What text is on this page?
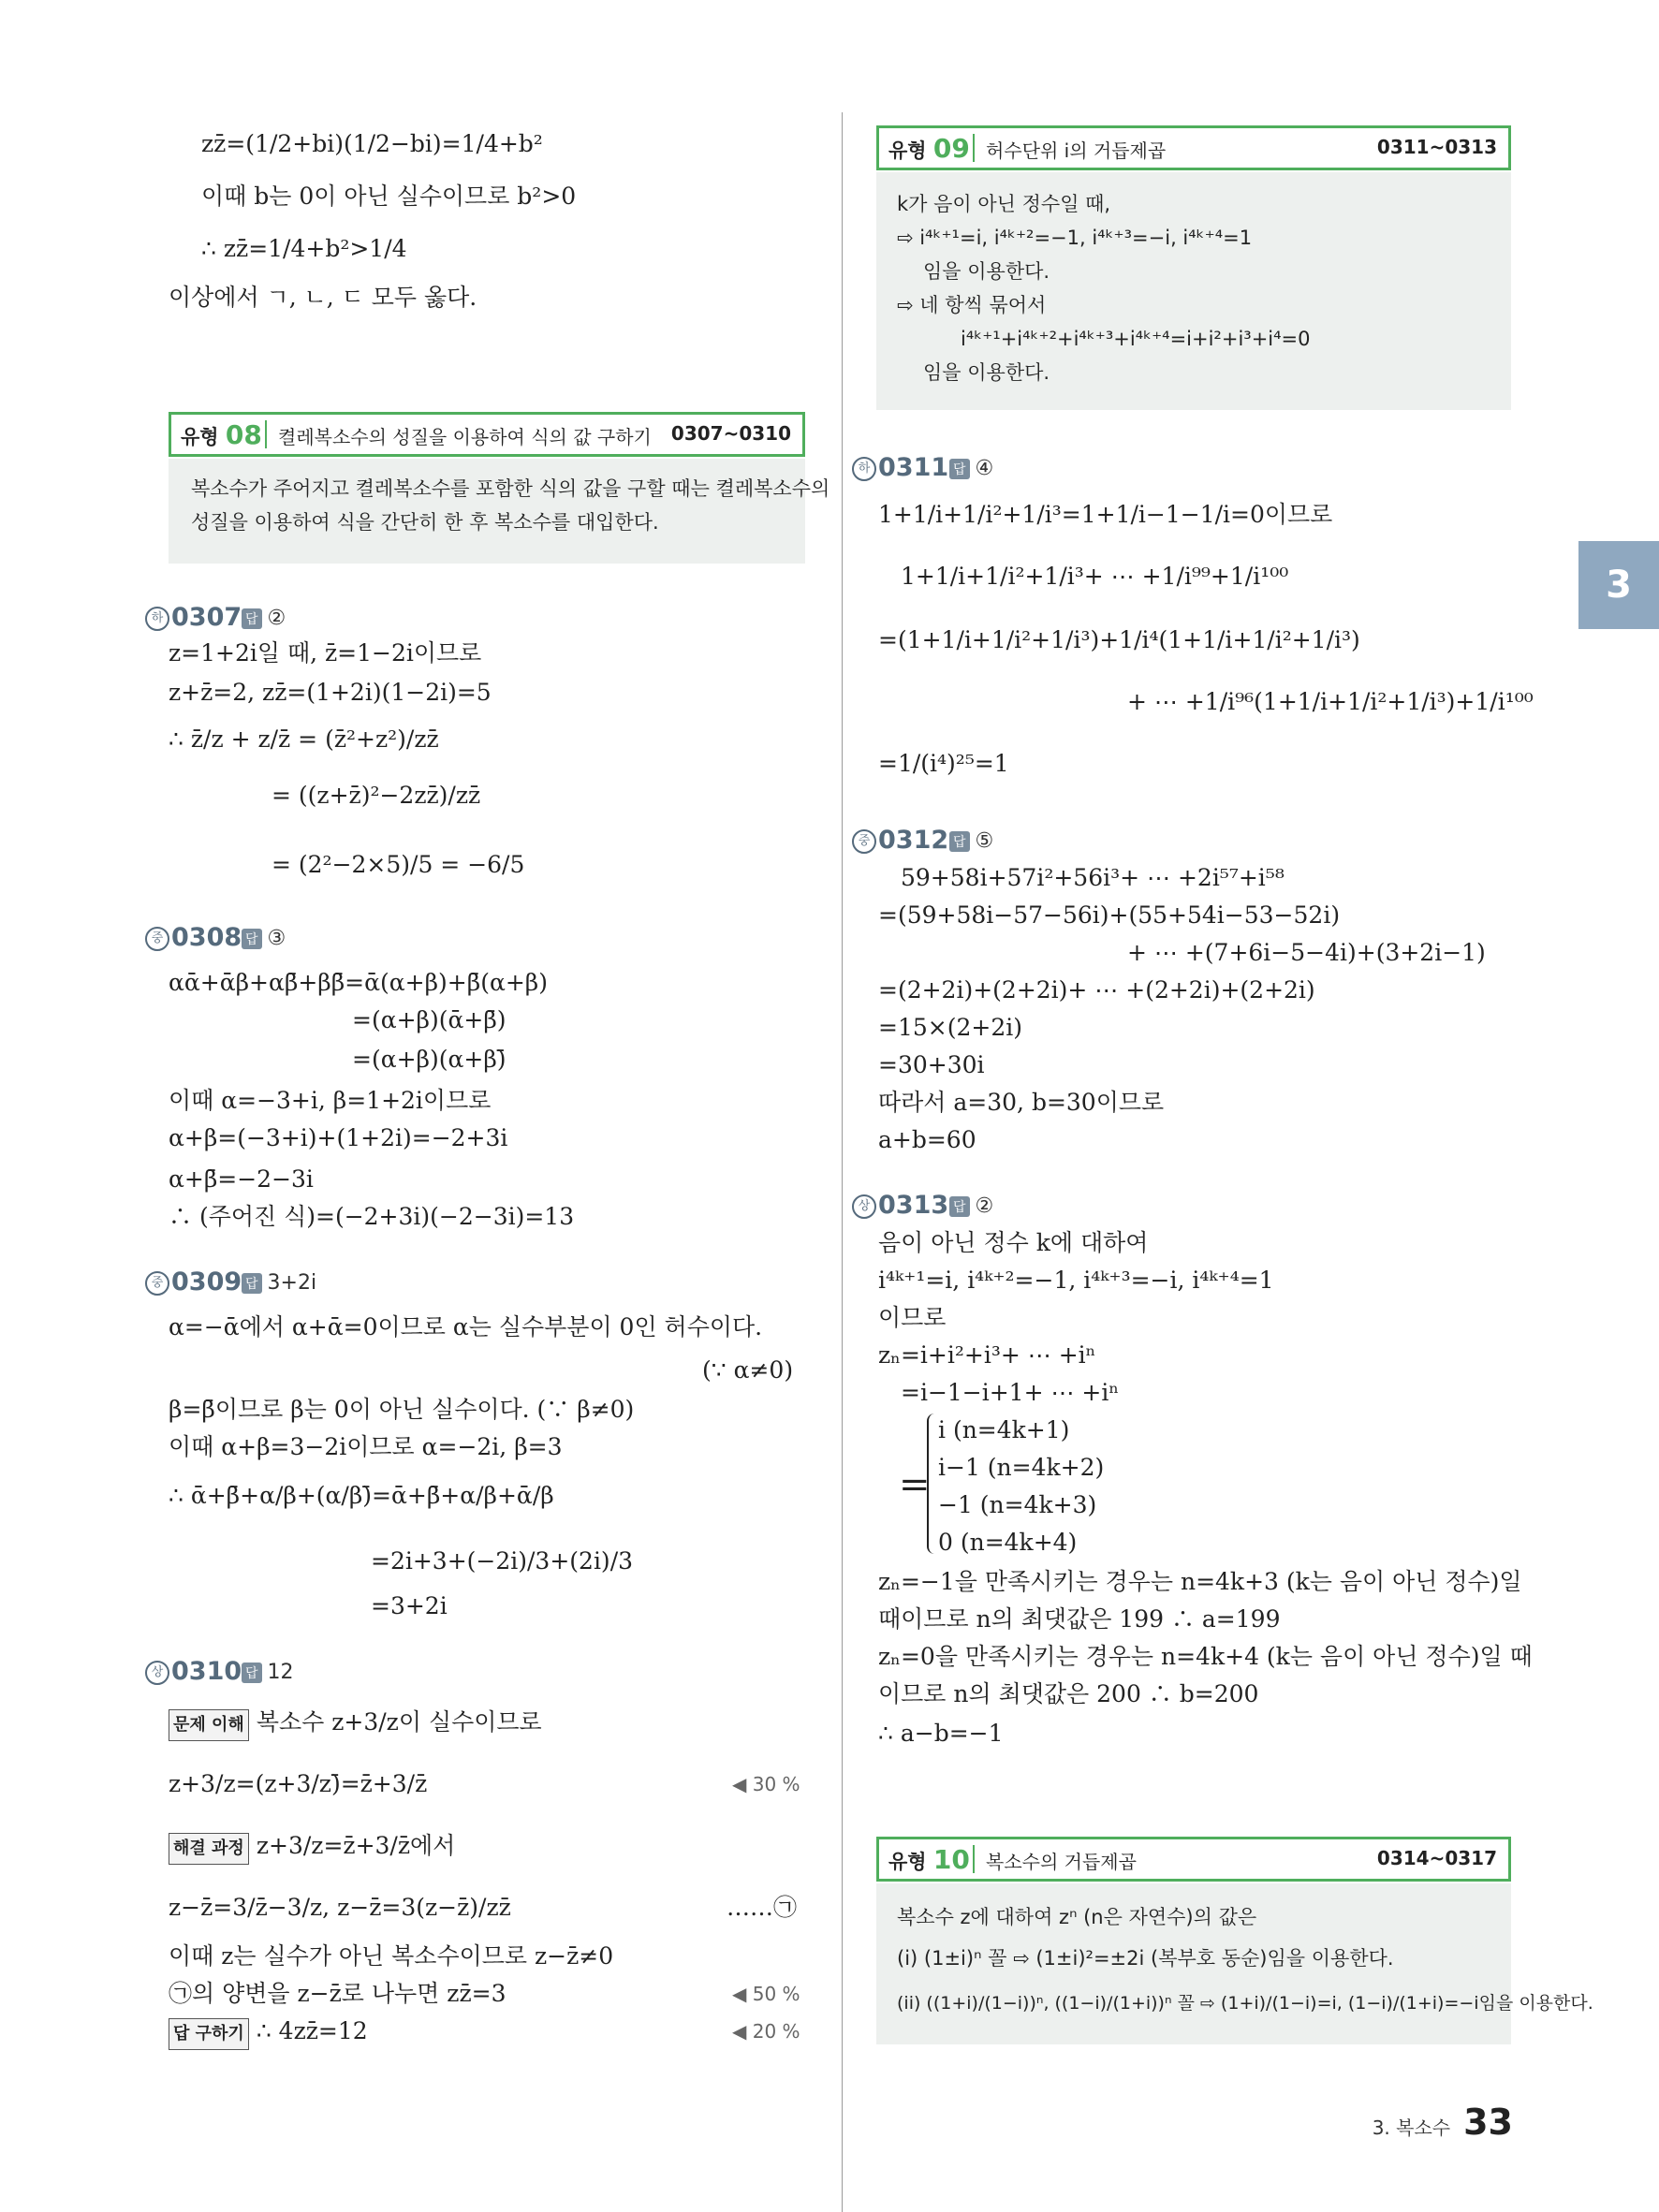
zz̄=(1/2+bi)(1/2−bi)=1/4+b²
이때 b는 0이 아닌 실수이므로 b²>0
∴ zz̄=1/4+b²>1/4
이상에서 ㄱ, ㄴ, ㄷ 모두 옳다.
유형 08 켤레복소수의 성질을 이용하여 식의 값 구하기 0307~0310
복소수가 주어지고 켤레복소수를 포함한 식의 값을 구할 때는 켤레복소수의
성질을 이용하여 식을 간단히 한 후 복소수를 대입한다.
하 0307 답 ②
z=1+2i일 때, z̄=1−2i이므로
z+z̄=2, zz̄=(1+2i)(1−2i)=5
∴ z̄/z + z/z̄ = (z̄²+z²)/zz̄
= ((z+z̄)²−2zz̄)/zz̄
= (2²−2×5)/5 = −6/5
중 0308 답 ③
αᾱ+ᾱβ+αβ̄+ββ̄=ᾱ(α+β)+β̄(α+β)
=(α+β)(ᾱ+β̄)
=(α+β)(α+β)̄
이때 α=−3+i, β=1+2i이므로
α+β=(−3+i)+(1+2i)=−2+3i
α+β̄=−2−3i
∴ (주어진 식)=(−2+3i)(−2−3i)=13
중 0309 답 3+2i
α=−ᾱ에서 α+ᾱ=0이므로 α는 실수부분이 0인 허수이다.
(∵ α≠0)
β=β̄이므로 β는 0이 아닌 실수이다. (∵ β≠0)
이때 α+β=3−2i이므로 α=−2i, β=3
∴ ᾱ+β̄+α/β+(α/β)̄=ᾱ+β̄+α/β+ᾱ/β
=2i+3+(−2i)/3+(2i)/3
=3+2i
상 0310 답 12
문제 이해 복소수 z+3/z이 실수이므로
z+3/z=(z+3/z)̄=z̄+3/z̄	◀ 30 %
해결 과정 z+3/z=z̄+3/z̄에서
z−z̄=3/z̄−3/z, z−z̄=3(z−z̄)/zz̄	……㉠
이때 z는 실수가 아닌 복소수이므로 z−z̄≠0
㉠의 양변을 z−z̄로 나누면 zz̄=3	◀ 50 %
답 구하기 ∴ 4zz̄=12	◀ 20 %
유형 09 허수단위 i의 거듭제곱	0311~0313
k가 음이 아닌 정수일 때,
⇨ i⁴ᵏ⁺¹=i, i⁴ᵏ⁺²=−1, i⁴ᵏ⁺³=−i, i⁴ᵏ⁺⁴=1
임을 이용한다.
⇨ 네 항씩 묶어서
i⁴ᵏ⁺¹+i⁴ᵏ⁺²+i⁴ᵏ⁺³+i⁴ᵏ⁺⁴=i+i²+i³+i⁴=0
임을 이용한다.
하 0311 답 ④
1+1/i+1/i²+1/i³=1+1/i−1−1/i=0이므로
1+1/i+1/i²+1/i³+ ⋯ +1/i⁹⁹+1/i¹⁰⁰
=(1+1/i+1/i²+1/i³)+1/i⁴(1+1/i+1/i²+1/i³)
+ ⋯ +1/i⁹⁶(1+1/i+1/i²+1/i³)+1/i¹⁰⁰
=1/(i⁴)²⁵=1
중 0312 답 ⑤
59+58i+57i²+56i³+ ⋯ +2i⁵⁷+i⁵⁸
=(59+58i−57−56i)+(55+54i−53−52i)
+ ⋯ +(7+6i−5−4i)+(3+2i−1)
=(2+2i)+(2+2i)+ ⋯ +(2+2i)+(2+2i)
=15×(2+2i)
=30+30i
따라서 a=30, b=30이므로
a+b=60
상 0313 답 ②
음이 아닌 정수 k에 대하여
i⁴ᵏ⁺¹=i, i⁴ᵏ⁺²=−1, i⁴ᵏ⁺³=−i, i⁴ᵏ⁺⁴=1
이므로
zₙ=i+i²+i³+ ⋯ +iⁿ
=i−1−i+1+ ⋯ +iⁿ
=
i (n=4k+1)
i−1 (n=4k+2)
−1 (n=4k+3)
0 (n=4k+4)
zₙ=−1을 만족시키는 경우는 n=4k+3 (k는 음이 아닌 정수)일
때이므로 n의 최댓값은 199 ∴ a=199
zₙ=0을 만족시키는 경우는 n=4k+4 (k는 음이 아닌 정수)일 때
이므로 n의 최댓값은 200 ∴ b=200
∴ a−b=−1
유형 10 복소수의 거듭제곱	0314~0317
복소수 z에 대하여 zⁿ (n은 자연수)의 값은
(i) (1±i)ⁿ 꼴 ⇨ (1±i)²=±2i (복부호 동순)임을 이용한다.
(ii) ((1+i)/(1−i))ⁿ, ((1−i)/(1+i))ⁿ 꼴 ⇨ (1+i)/(1−i)=i, (1−i)/(1+i)=−i임을 이용한다.
3
3. 복소수 33
